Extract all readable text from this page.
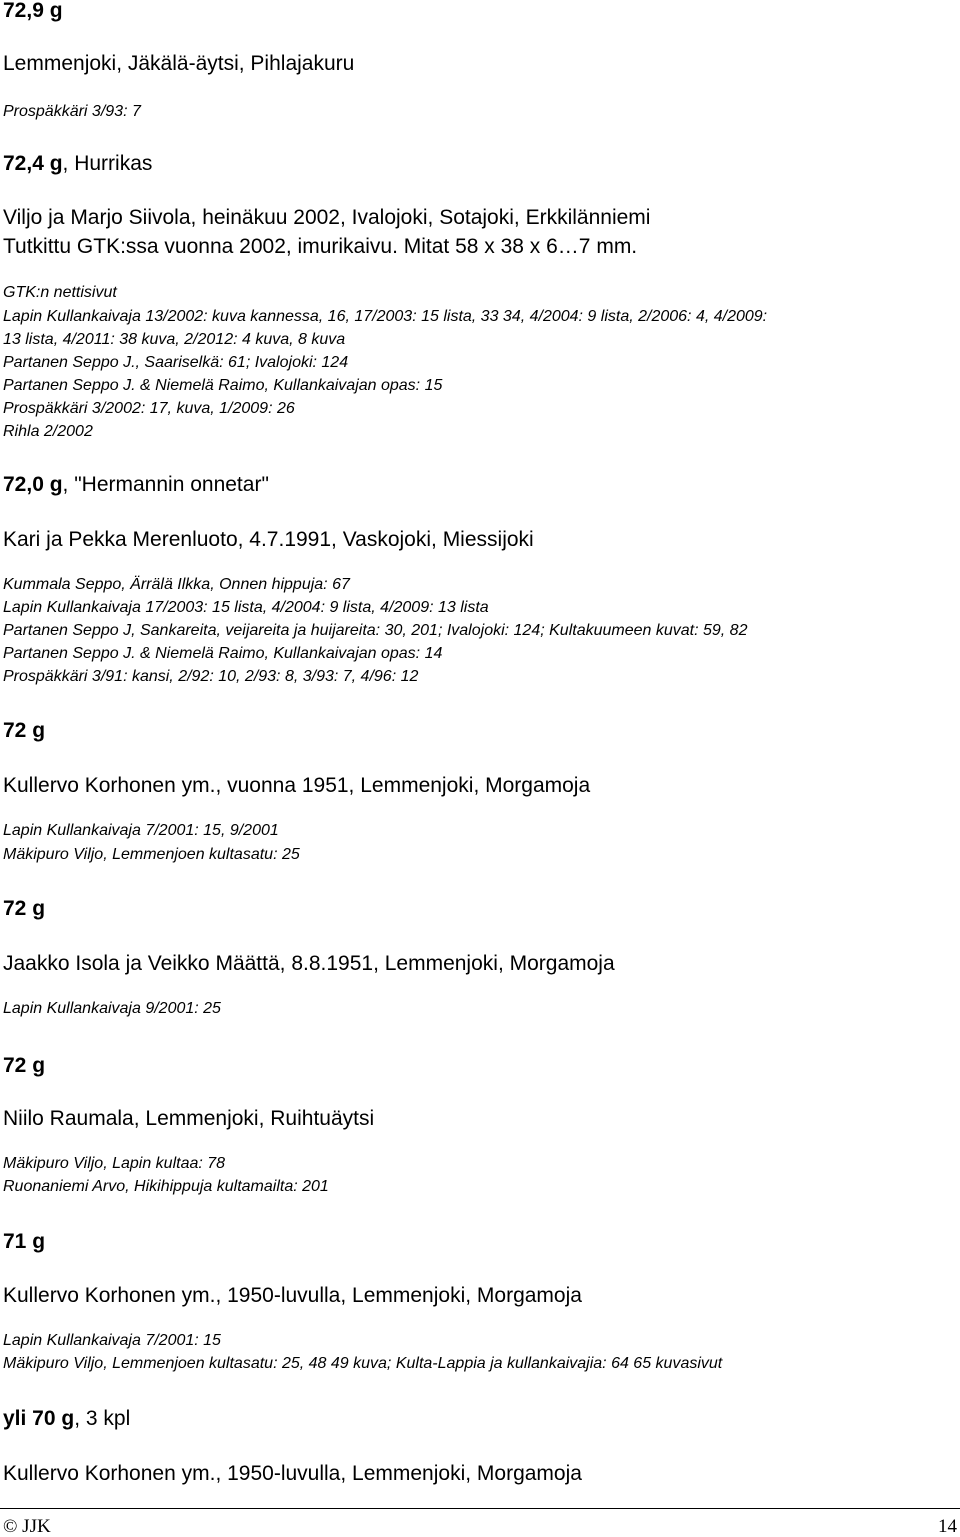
72,9 g
Lemmenjoki, Jäkälä-äytsi, Pihlajakuru
Prospäkkäri 3/93: 7
72,4 g, Hurrikas
Viljo ja Marjo Siivola, heinäkuu 2002, Ivalojoki, Sotajoki, Erkkilänniemi
Tutkittu GTK:ssa vuonna 2002, imurikaivu. Mitat 58 x 38 x 6…7 mm.
GTK:n nettisivut
Lapin Kullankaivaja 13/2002: kuva kannessa, 16, 17/2003: 15 lista, 33 34, 4/2004: 9 lista, 2/2006: 4, 4/2009:
13 lista, 4/2011: 38 kuva, 2/2012: 4 kuva, 8 kuva
Partanen Seppo J., Saariselkä: 61; Ivalojoki: 124
Partanen Seppo J. & Niemelä Raimo, Kullankaivajan opas: 15
Prospäkkäri 3/2002: 17, kuva, 1/2009: 26
Rihla 2/2002
72,0 g, "Hermannin onnetar"
Kari ja Pekka Merenluoto, 4.7.1991, Vaskojoki, Miessijoki
Kummala Seppo, Ärrälä Ilkka, Onnen hippuja: 67
Lapin Kullankaivaja 17/2003: 15 lista, 4/2004: 9 lista, 4/2009: 13 lista
Partanen Seppo J, Sankareita, veijareita ja huijareita: 30, 201; Ivalojoki: 124; Kultakuumeen kuvat: 59, 82
Partanen Seppo J. & Niemelä Raimo, Kullankaivajan opas: 14
Prospäkkäri 3/91: kansi, 2/92: 10, 2/93: 8, 3/93: 7, 4/96: 12
72 g
Kullervo Korhonen ym., vuonna 1951, Lemmenjoki, Morgamoja
Lapin Kullankaivaja 7/2001: 15, 9/2001
Mäkipuro Viljo, Lemmenjoen kultasatu: 25
72 g
Jaakko Isola ja Veikko Määttä, 8.8.1951, Lemmenjoki, Morgamoja
Lapin Kullankaivaja 9/2001: 25
72 g
Niilo Raumala, Lemmenjoki, Ruihtuäytsi
Mäkipuro Viljo, Lapin kultaa: 78
Ruonaniemi Arvo, Hikihippuja kultamailta: 201
71 g
Kullervo Korhonen ym., 1950-luvulla, Lemmenjoki, Morgamoja
Lapin Kullankaivaja 7/2001: 15
Mäkipuro Viljo, Lemmenjoen kultasatu: 25, 48 49 kuva; Kulta-Lappia ja kullankaivajia: 64 65 kuvasivut
yli 70 g, 3 kpl
Kullervo Korhonen ym., 1950-luvulla, Lemmenjoki, Morgamoja
© JJK	14
